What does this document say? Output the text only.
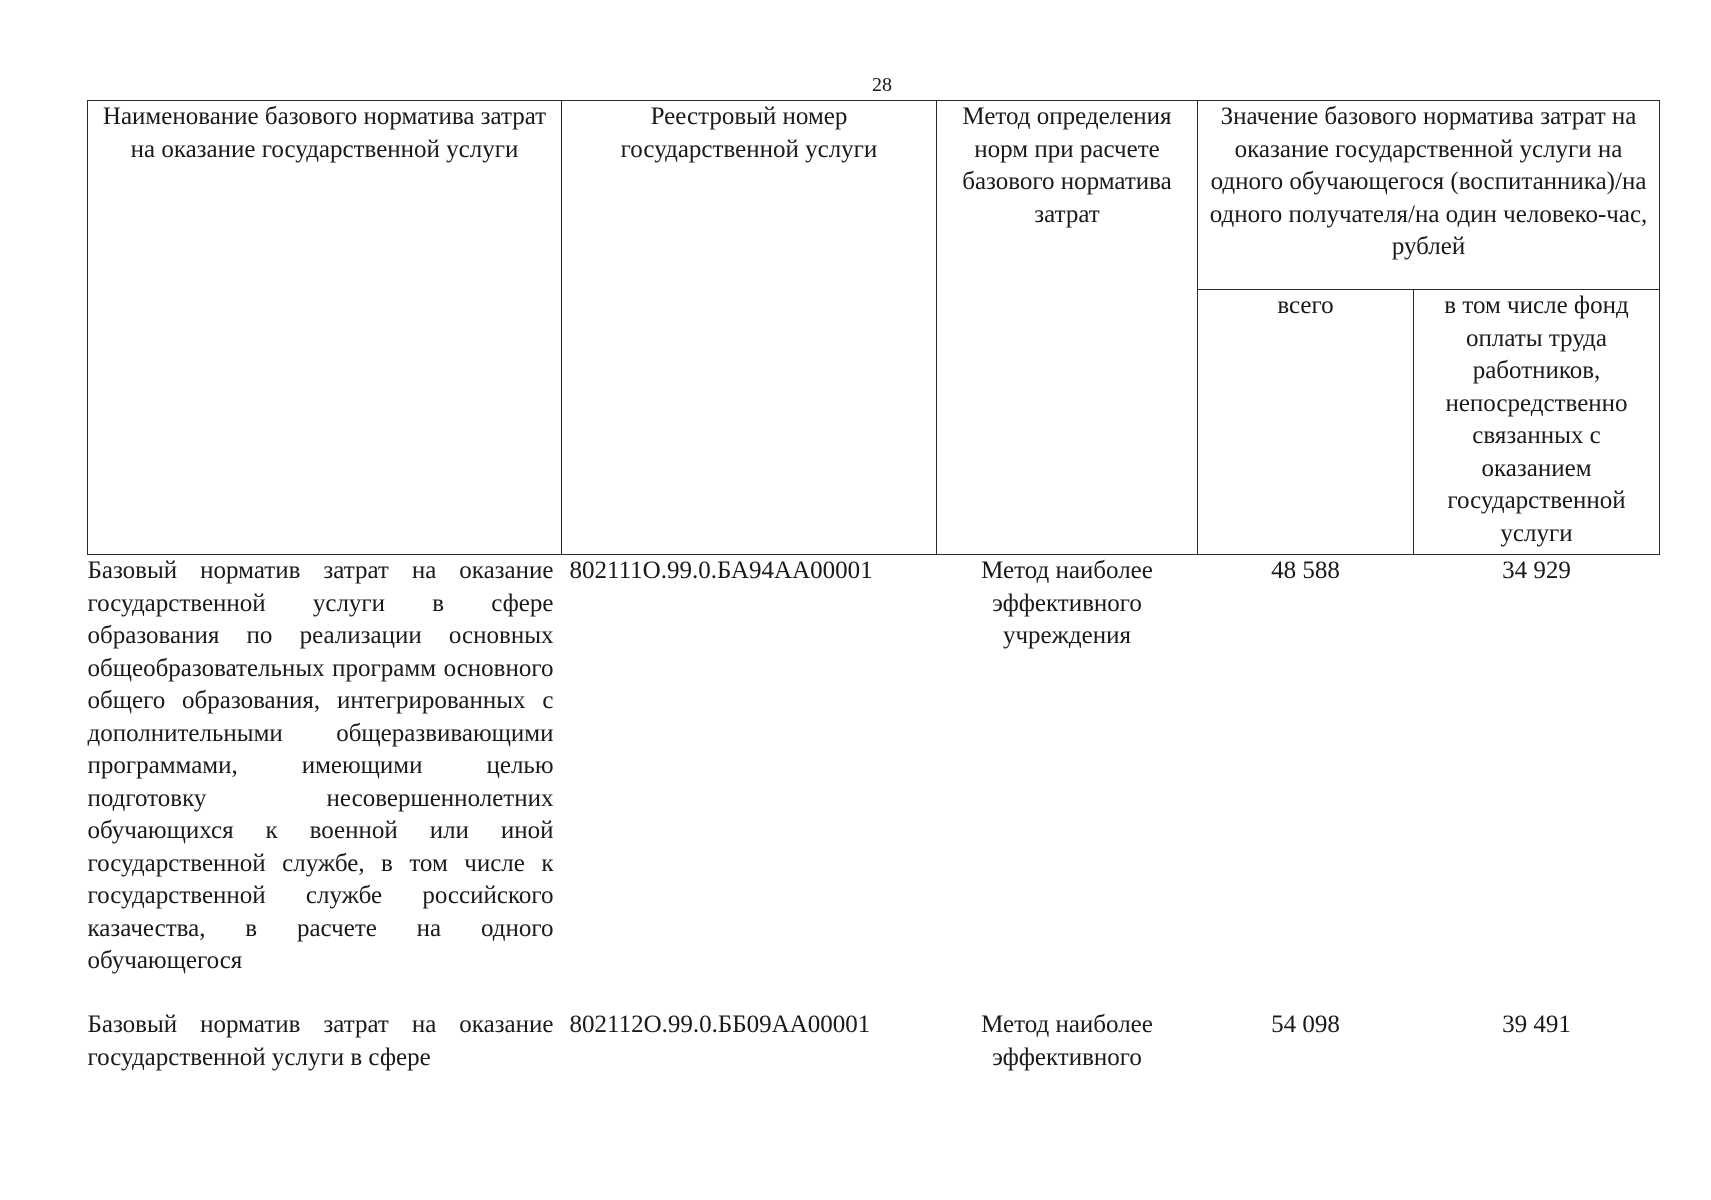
28
Наименование базового норматива затрат на оказание государственной услуги	Реестровый номер государственной услуги	Метод определения норм при расчете базового норматива затрат	Значение базового норматива затрат на оказание государственной услуги на одного обучающегося (воспитанника)/на одного получателя/на один человеко-час, рублей	
			всего	в том числе фонд оплаты труда работников, непосредственно связанных с оказанием государственной услуги
Базовый норматив затрат на оказание государственной услуги в сфере образования по реализации основных общеобразовательных программ основного общего образования, интегрированных с дополнительными общеразвивающими программами, имеющими целью подготовку несовершеннолетних обучающихся к военной или иной государственной службе, в том числе к государственной службе российского казачества, в расчете на одного обучающегося	802111О.99.0.БА94АА00001	Метод наиболее эффективного учреждения	48 588	34 929
Базовый норматив затрат на оказание государственной услуги в сфере	802112О.99.0.ББ09АА00001	Метод наиболее эффективного	54 098	39 491
